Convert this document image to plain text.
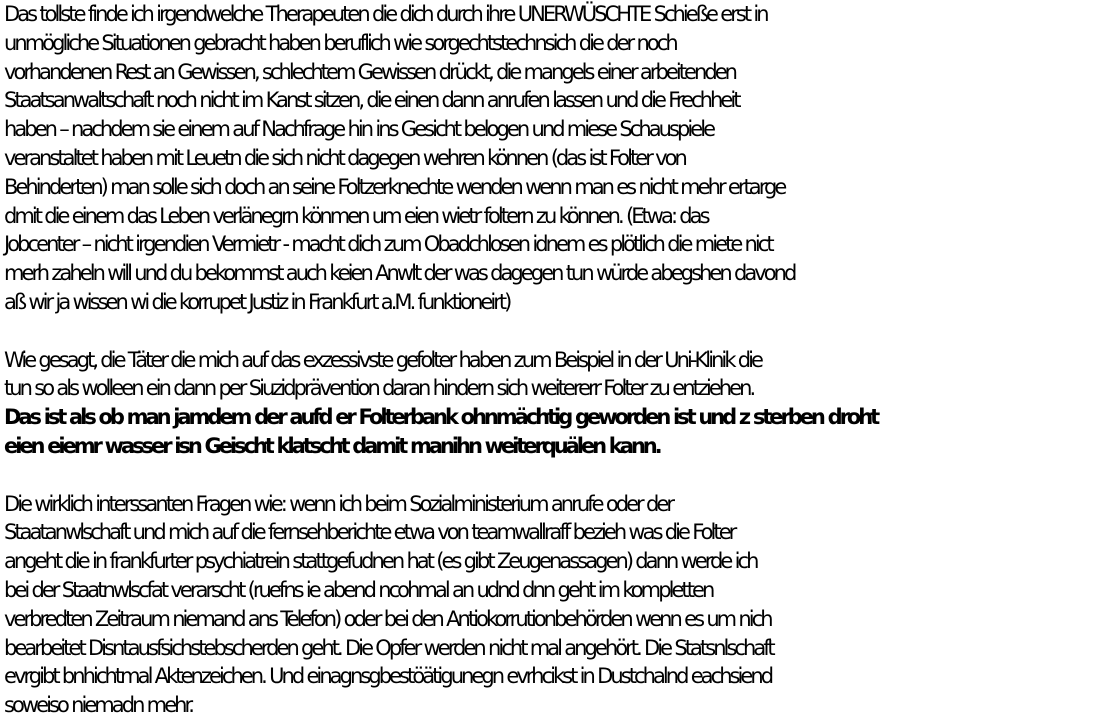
Das tollste finde ich irgendwelche Therapeuten die dich durch ihre UNERWÜSCHTE Schieße erst in
unmögliche Situationen gebracht haben beruflich wie sorgechtstechnsich die der noch
vorhandenen Rest an Gewissen, schlechtem Gewissen drückt, die mangels einer arbeitenden
Staatsanwaltschaft noch nicht im Kanst sitzen, die einen dann anrufen lassen und die Frechheit
haben – nachdem sie einem auf Nachfrage hin ins Gesicht belogen und miese Schauspiele
veranstaltet haben mit Leuetn die sich nicht dagegen wehren können (das ist Folter von
Behinderten) man solle sich doch an seine Foltzerknechte wenden wenn man es nicht mehr ertarge
dmit die einem das Leben verlänegrn könmen um eien wietr foltern zu können. (Etwa: das
Jobcenter – nicht irgendien Vermietr - macht dich zum Obadchlosen idnem es plötlich die miete nict
merh zaheln will und du bekommst auch keien Anwlt der was dagegen tun würde abegshen davond
aß wir ja wissen wi die korrupet Justiz in Frankfurt a.M. funktioneirt)
Wie gesagt, die Täter die mich auf das exzessivste gefolter haben zum Beispiel in der Uni-Klinik die
tun so als wolleen ein dann per Siuzidprävention daran hindern sich weitererr Folter zu entziehen.
Das ist als ob man jamdem der aufd er Folterbank ohnmächtig geworden ist und z sterben droht
eien eiemr wasser isn Geischt klatscht damit manihn weiterquälen kann.
Die wirklich interssanten Fragen wie: wenn ich beim Sozialministerium anrufe oder der
Staatanwlschaft und mich auf die fernsehberichte etwa von teamwallraff bezieh was die Folter
angeht die in frankfurter psychiatrein stattgefudnen hat (es gibt Zeugenassagen) dann werde ich
bei der Staatnwlscfat verarscht (ruefns ie abend ncohmal an udnd dnn geht im kompletten
verbredten Zeitraum niemand ans Telefon) oder bei den Antiokorrutionbehörden wenn es um nich
bearbeitet Disntausfsichstebscherden geht. Die Opfer werden nicht mal angehört. Die Statsnlschaft
evrgibt bnhichtmal Aktenzeichen. Und einagnsgbestöätigunegn evrhcikst in Dustchalnd eachsiend
soweiso niemadn mehr.
